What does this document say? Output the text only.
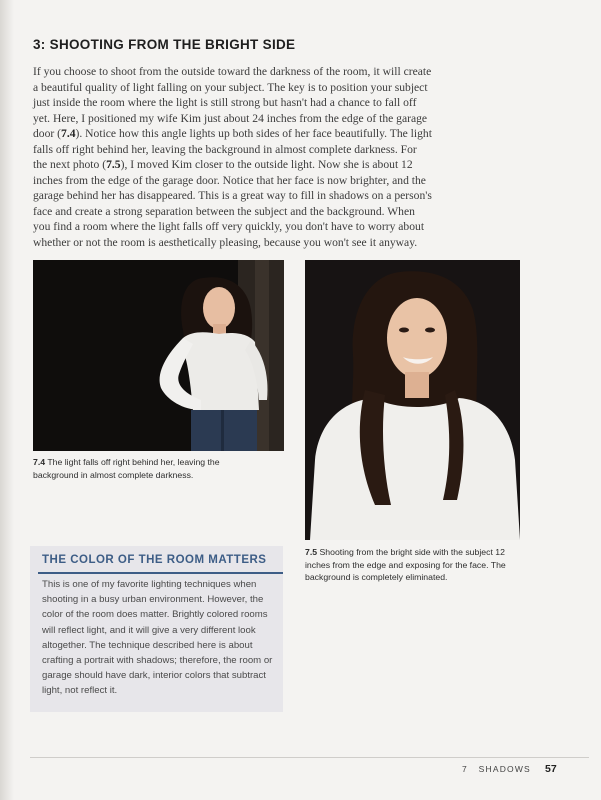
3: SHOOTING FROM THE BRIGHT SIDE

If you choose to shoot from the outside toward the darkness of the room, it will create a beautiful quality of light falling on your subject. The key is to position your subject just inside the room where the light is still strong but hasn't had a chance to fall off yet. Here, I positioned my wife Kim just about 24 inches from the edge of the garage door (7.4). Notice how this angle lights up both sides of her face beautifully. The light falls off right behind her, leaving the background in almost complete darkness. For the next photo (7.5), I moved Kim closer to the outside light. Now she is about 12 inches from the edge of the garage door. Notice that her face is now brighter, and the garage behind her has disappeared. This is a great way to fill in shadows on a person's face and create a strong separation between the subject and the background. When you find a room where the light falls off very quickly, you don't have to worry about whether or not the room is aesthetically pleasing, because you won't see it anyway.

7.4 The light falls off right behind her, leaving the background in almost complete darkness.

7.5 Shooting from the bright side with the subject 12 inches from the edge and exposing for the face. The background is completely eliminated.

THE COLOR OF THE ROOM MATTERS

This is one of my favorite lighting techniques when shooting in a busy urban environment. However, the color of the room does matter. Brightly colored rooms will reflect light, and it will give a very different look altogether. The technique described here is about crafting a portrait with shadows; therefore, the room or garage should have dark, interior colors that subtract light, not reflect it.

7   SHADOWS 57
